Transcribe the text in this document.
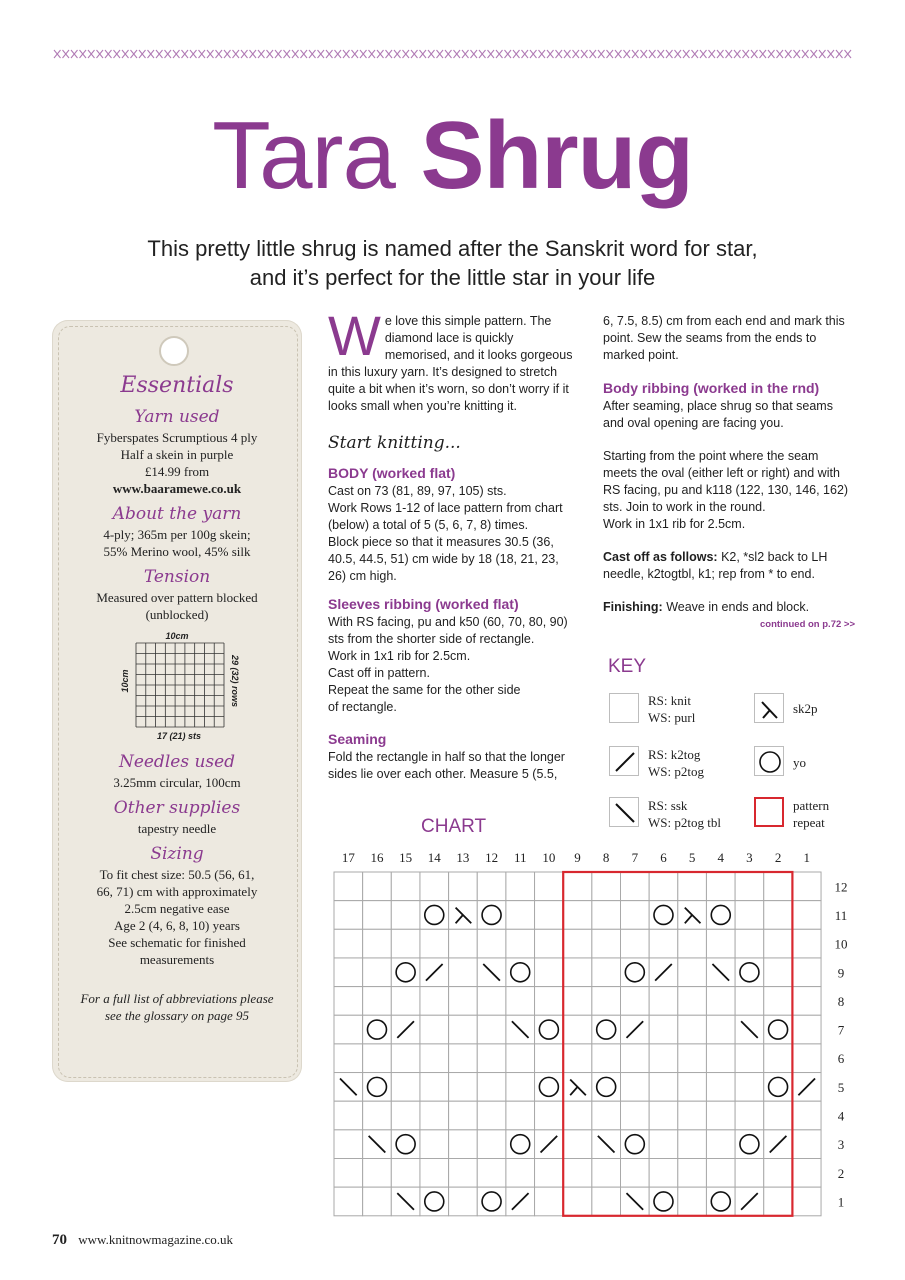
Tara Shrug
This pretty little shrug is named after the Sanskrit word for star,
and it’s perfect for the little star in your life
Essentials
Yarn used

Fyberspates Scrumptious 4 ply

Half a skein in purple

£14.99 from

www.baaramewe.co.uk

About the yarn

4-ply; 365m per 100g skein;

55% Merino wool, 45% silk

Tension

Measured over pattern blocked

(unblocked)

10cm
10cm	29 (32) rows
17 (21) sts
Needles used

3.25mm circular, 100cm

Other supplies

tapestry needle

Sizing

To fit chest size: 50.5 (56, 61,

66, 71) cm with approximately

2.5cm negative ease

Age 2 (4, 6, 8, 10) years

See schematic for finished

measurements

For a full list of abbreviations please

see the glossary on page 95

We love this simple pattern. The diamond lace is quickly memorised, and it looks gorgeous in this luxury yarn. It’s designed to stretch quite a bit when it’s worn, so don’t worry if it looks small when you’re knitting it.

Start knitting...

BODY (worked flat)

Cast on 73 (81, 89, 97, 105) sts.

Work Rows 1-12 of lace pattern from chart (below) a total of 5 (5, 6, 7, 8) times.

Block piece so that it measures 30.5 (36, 40.5, 44.5, 51) cm wide by 18 (18, 21, 23, 26) cm high.

Sleeves ribbing (worked flat)

With RS facing, pu and k50 (60, 70, 80, 90) sts from the shorter side of rectangle.

Work in 1x1 rib for 2.5cm.

Cast off in pattern.

Repeat the same for the other side

of rectangle.

Seaming

Fold the rectangle in half so that the longer sides lie over each other. Measure 5 (5.5,

6, 7.5, 8.5) cm from each end and mark this point. Sew the seams from the ends to marked point.

Body ribbing (worked in the rnd)

After seaming, place shrug so that seams and oval opening are facing you.

Starting from the point where the seam meets the oval (either left or right) and with RS facing, pu and k118 (122, 130, 146, 162) sts. Join to work in the round.

Work in 1x1 rib for 2.5cm.

Cast off as follows: K2, *sl2 back to LH needle, k2togtbl, k1; rep from * to end.

Finishing: Weave in ends and block.

continued on p.72 >>

KEY
RS: knit
WS: purl
RS: k2tog
WS: p2tog
RS: ssk
WS: p2tog tbl
sk2p
yo
pattern
repeat
CHART
17 16 15 14 13 12 11 10 9 8 7 6 5 4 3 2 1
12
11
10
9
8
7
6
5
4
3
2
1
70 www.knitnowmagazine.co.uk
